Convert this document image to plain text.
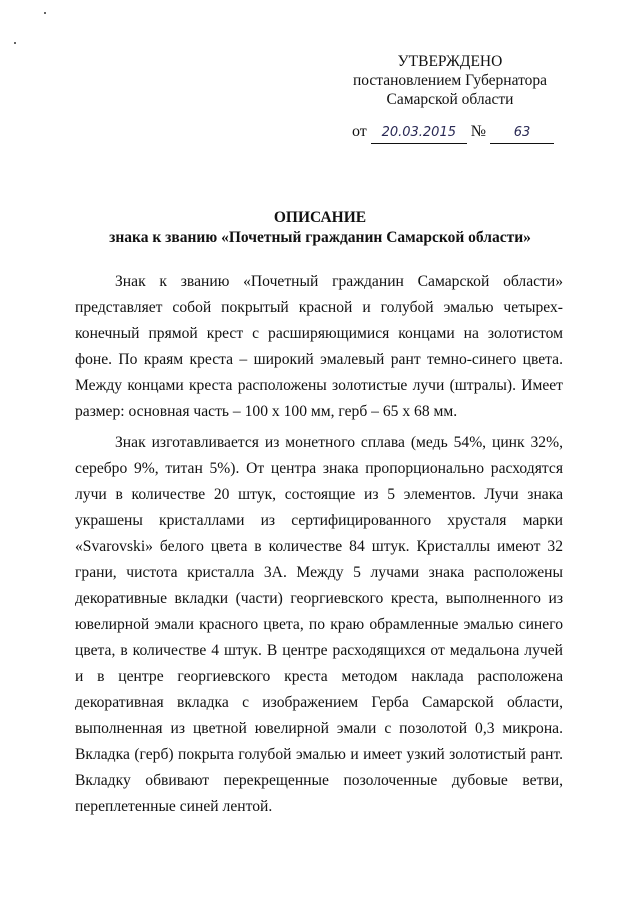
УТВЕРЖДЕНО
постановлением Губернатора
Самарской области
от 20.03.2015 № 63
ОПИСАНИЕ
знака к званию «Почетный гражданин Самарской области»

Знак к званию «Почетный гражданин Самарской области» представляет собой покрытый красной и голубой эмалью четырех-конечный прямой крест с расширяющимися концами на золотистом фоне. По краям креста – широкий эмалевый рант темно-синего цвета. Между концами креста расположены золотистые лучи (штралы). Имеет размер: основная часть – 100 х 100 мм, герб – 65 х 68 мм.

Знак изготавливается из монетного сплава (медь 54%, цинк 32%, серебро 9%, титан 5%). От центра знака пропорционально расходятся лучи в количестве 20 штук, состоящие из 5 элементов. Лучи знака украшены кристаллами из сертифицированного хрусталя марки «Svarovski» белого цвета в количестве 84 штук. Кристаллы имеют 32 грани, чистота кристалла 3А. Между 5 лучами знака расположены декоративные вкладки (части) георгиевского креста, выполненного из ювелирной эмали красного цвета, по краю обрамленные эмалью синего цвета, в количестве 4 штук. В центре расходящихся от медальона лучей и в центре георгиевского креста методом наклада расположена декоративная вкладка с изображением Герба Самарской области, выполненная из цветной ювелирной эмали с позолотой 0,3 микрона. Вкладка (герб) покрыта голубой эмалью и имеет узкий золотистый рант. Вкладку обвивают перекрещенные позолоченные дубовые ветви, переплетенные синей лентой.
